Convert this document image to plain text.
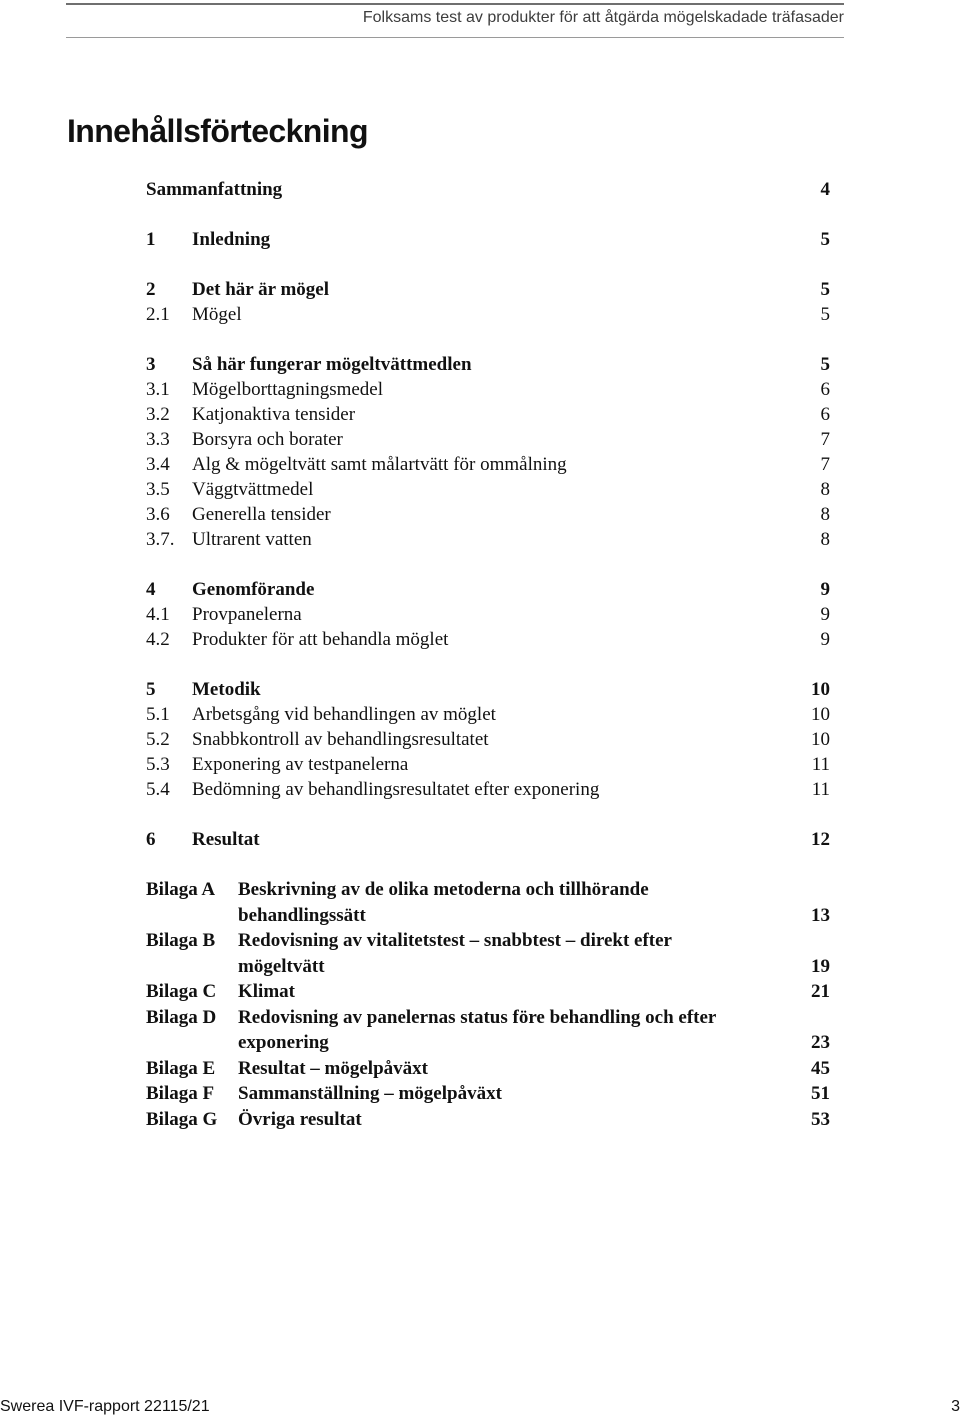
Folksams test av produkter för att åtgärda mögelskadade träfasader
Innehållsförteckning
Sammanfattning	4
1 Inledning	5
2 Det här är mögel	5
2.1 Mögel	5
3 Så här fungerar mögeltvättmedlen	5
3.1 Mögelborttagningsmedel	6
3.2 Katjonaktiva tensider	6
3.3 Borsyra och borater	7
3.4 Alg & mögeltvätt samt målartvätt för ommålning	7
3.5 Väggtvättmedel	8
3.6 Generella tensider	8
3.7. Ultrarent vatten	8
4 Genomförande	9
4.1 Provpanelerna	9
4.2 Produkter för att behandla möglet	9
5 Metodik	10
5.1 Arbetsgång vid behandlingen av möglet	10
5.2 Snabbkontroll av behandlingsresultatet	10
5.3 Exponering av testpanelerna	11
5.4 Bedömning av behandlingsresultatet efter exponering	11
6 Resultat	12
Bilaga A Beskrivning av de olika metoderna och tillhörande behandlingssätt	13
Bilaga B Redovisning av vitalitetstest – snabbtest – direkt efter mögeltvätt	19
Bilaga C Klimat	21
Bilaga D Redovisning av panelernas status före behandling och efter exponering	23
Bilaga E Resultat – mögelpåväxt	45
Bilaga F Sammanställning – mögelpåväxt	51
Bilaga G Övriga resultat	53
Swerea IVF-rapport 22115/21	3
